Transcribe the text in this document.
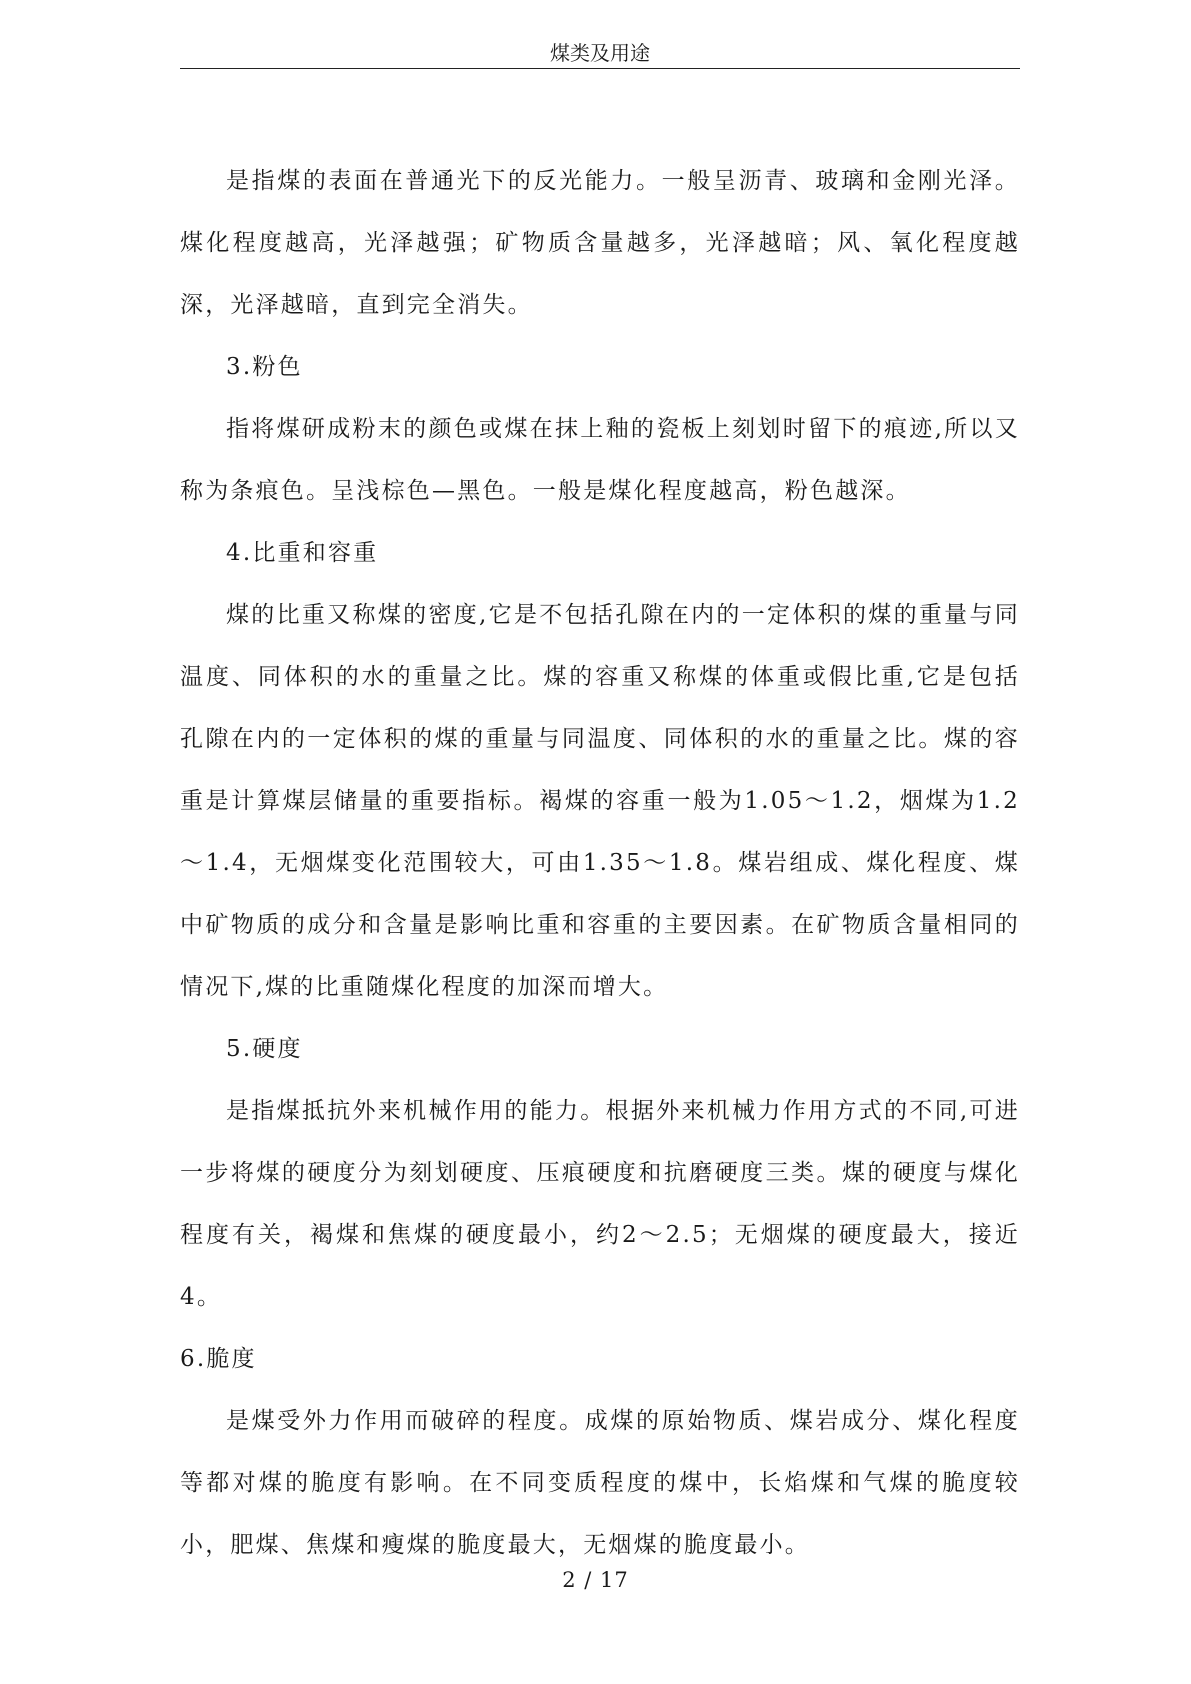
煤类及用途

是指煤的表面在普通光下的反光能力。一般呈沥青、玻璃和金刚光泽。煤化程度越高，光泽越强；矿物质含量越多，光泽越暗；风、氧化程度越深，光泽越暗，直到完全消失。

3.粉色

指将煤研成粉末的颜色或煤在抹上釉的瓷板上刻划时留下的痕迹,所以又称为条痕色。呈浅棕色—黑色。一般是煤化程度越高，粉色越深。

4.比重和容重

煤的比重又称煤的密度,它是不包括孔隙在内的一定体积的煤的重量与同温度、同体积的水的重量之比。煤的容重又称煤的体重或假比重,它是包括孔隙在内的一定体积的煤的重量与同温度、同体积的水的重量之比。煤的容重是计算煤层储量的重要指标。褐煤的容重一般为1.05～1.2，烟煤为1.2～1.4，无烟煤变化范围较大，可由1.35～1.8。煤岩组成、煤化程度、煤中矿物质的成分和含量是影响比重和容重的主要因素。在矿物质含量相同的情况下,煤的比重随煤化程度的加深而增大。

5.硬度

是指煤抵抗外来机械作用的能力。根据外来机械力作用方式的不同,可进一步将煤的硬度分为刻划硬度、压痕硬度和抗磨硬度三类。煤的硬度与煤化程度有关，褐煤和焦煤的硬度最小，约2～2.5；无烟煤的硬度最大，接近4。

6.脆度

是煤受外力作用而破碎的程度。成煤的原始物质、煤岩成分、煤化程度等都对煤的脆度有影响。在不同变质程度的煤中，长焰煤和气煤的脆度较小，肥煤、焦煤和瘦煤的脆度最大，无烟煤的脆度最小。

2 / 17
